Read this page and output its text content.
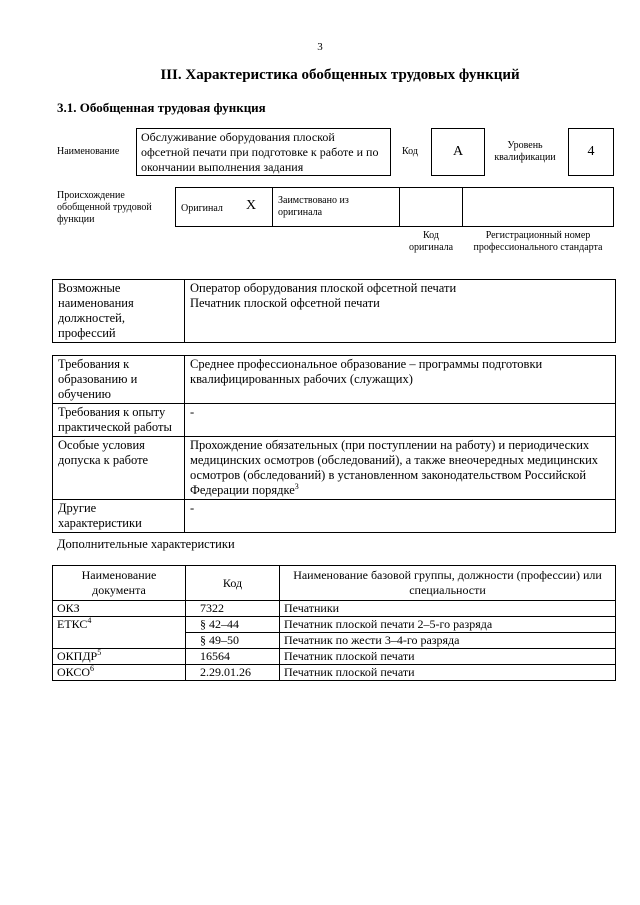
3
III. Характеристика обобщенных трудовых функций
3.1. Обобщенная трудовая функция
Наименование
Обслуживание оборудования плоской офсетной печати при подготовке к работе и по окончании выполнения задания
Код A	Уровень квалификации	4
Происхождение обобщенной трудовой функции
Оригинал X Заимствовано из оригинала
Код оригинала
Регистрационный номер профессионального стандарта
Возможные наименования должностей, профессий	
Оператор оборудования плоской офсетной печати
Печатник плоской офсетной печати
Требования к образованию и обучению	Среднее профессиональное образование – программы подготовки квалифицированных рабочих (служащих)
Требования к опыту практической работы	-
Особые условия допуска к работе	Прохождение обязательных (при поступлении на работу) и периодических медицинских осмотров (обследований), а также внеочередных медицинских осмотров (обследований) в установленном законодательством Российской Федерации порядке$^3$
Другие характеристики	-
Дополнительные характеристики
Наименование документа	Код	Наименование базовой группы, должности (профессии) или специальности
ОКЗ	7322	Печатники
ЕТКС$^4$	§ 42–44	Печатник плоской печати 2–5-го разряда
	§ 49–50	Печатник по жести 3–4-го разряда
ОКПДР$^5$	16564	Печатник плоской печати
ОКСО$^6$	2.29.01.26	Печатник плоской печати
